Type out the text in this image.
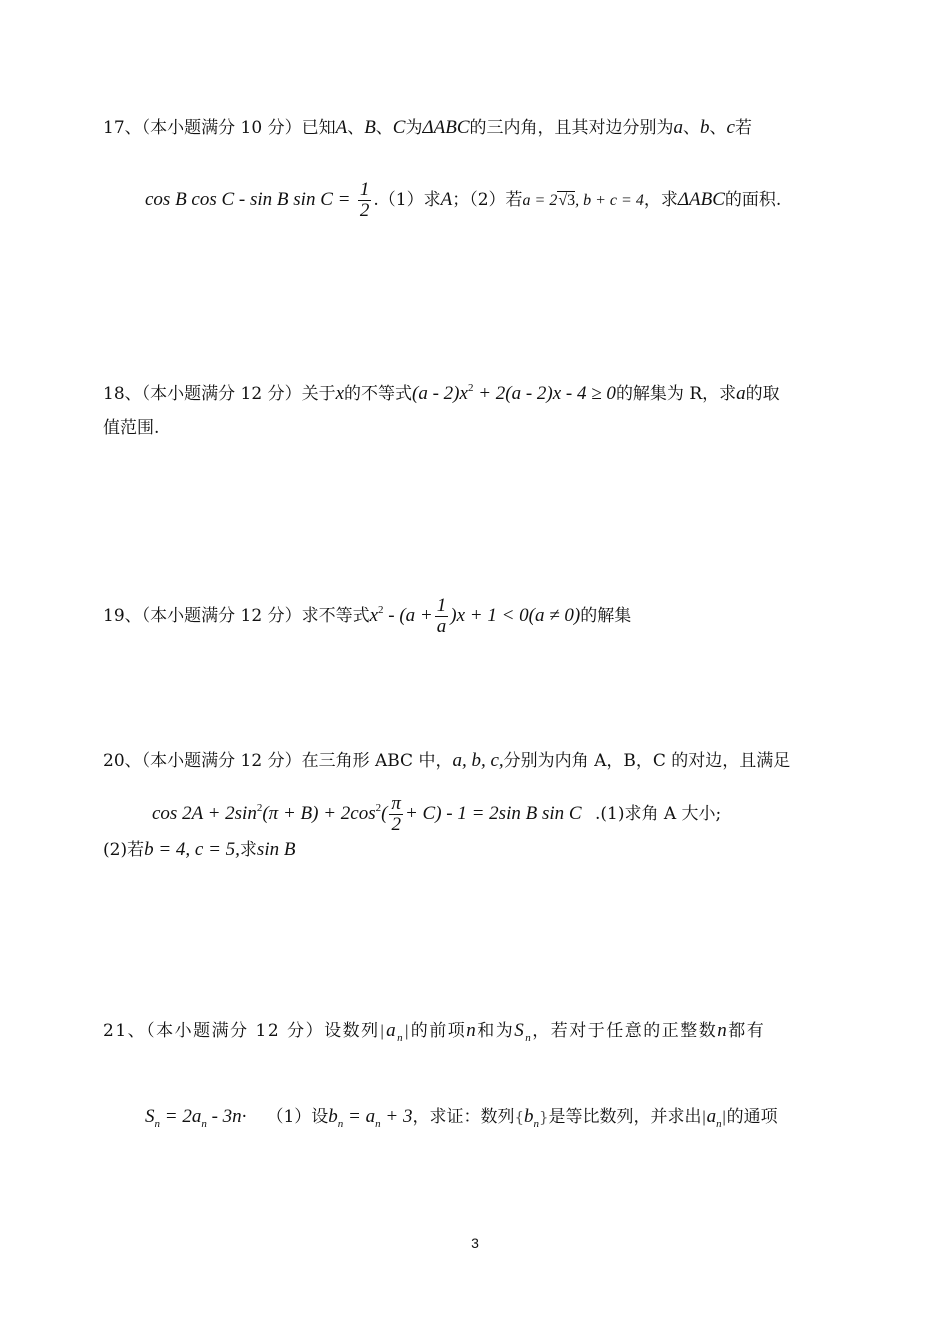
17、（本小题满分 10 分）已知A、B、C为ΔABC的三内角，且其对边分别为a、b、c若
cos B cos C - sin B $\sin C = \frac{1}{2} .(1)$求A；（2）若a = 2√3, b + c = 4，求ΔABC的面积.
18、（本小题满分 12 分）关于x的不等式$(a - 2)x^2 + 2(a - 2)x - 4 \ge 0$的解集为 R，求a的取
值范围.
19、（本小题满分 12 分）求不等式$x^2 - (a + \frac{1}{a} )x + 1 < 0(a \ne 0)$的解集
20、（本小题满分 12 分）在三角形 ABC 中，a, b, c,分别为内角 A，B，C 的对边，且满足
$\cos 2A + 2\sin^2(\pi + B) + 2\cos^2( \frac{\pi}{2} + C) - 1 = 2\sin$ B sin C .(1)求角 A 大小;
(2)若b = 4, c = 5,求sin B
21、（本小题满分 12 分）设数列$|a_n|$的前项n和为$S_n$，若对于任意的正整数n都有
$S_n = 2a_n - 3n\cdot (1)$设$b_n = a_n + 3$，求证：数列$\{b_n\}$是等比数列，并求出$|a_n|$的通项
3
